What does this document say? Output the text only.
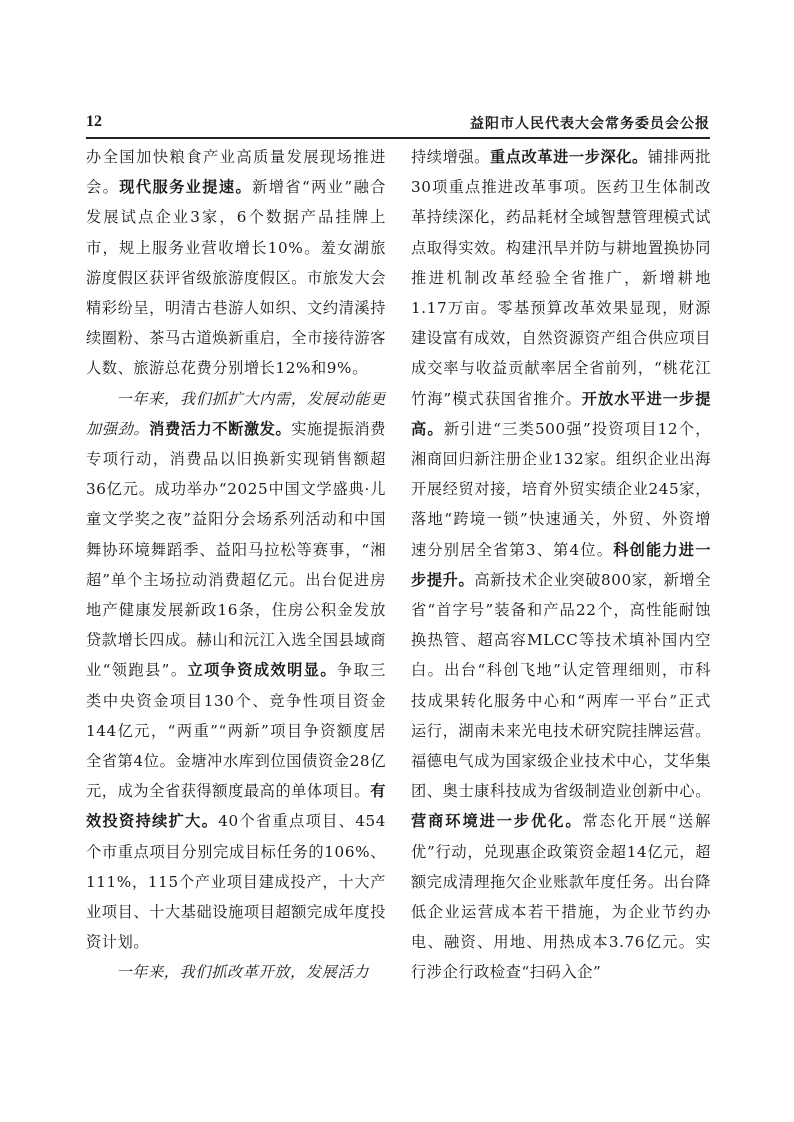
12	益阳市人民代表大会常务委员会公报

办全国加快粮食产业高质量发展现场推进会。现代服务业提速。新增省“两业”融合发展试点企业3家，6个数据产品挂牌上市，规上服务业营收增长10%。羞女湖旅游度假区获评省级旅游度假区。市旅发大会精彩纷呈，明清古巷游人如织、文约清溪持续圈粉、茶马古道焕新重启，全市接待游客人数、旅游总花费分别增长12%和9%。

一年来，我们抓扩大内需，发展动能更加强劲。消费活力不断激发。实施提振消费专项行动，消费品以旧换新实现销售额超36亿元。成功举办“2025中国文学盛典·儿童文学奖之夜”益阳分会场系列活动和中国舞协环境舞蹈季、益阳马拉松等赛事，“湘超”单个主场拉动消费超亿元。出台促进房地产健康发展新政16条，住房公积金发放贷款增长四成。赫山和沅江入选全国县域商业“领跑县”。立项争资成效明显。争取三类中央资金项目130个、竞争性项目资金144亿元，“两重”“两新”项目争资额度居全省第4位。金塘冲水库到位国债资金28亿元，成为全省获得额度最高的单体项目。有效投资持续扩大。40个省重点项目、454个市重点项目分别完成目标任务的106%、111%，115个产业项目建成投产，十大产业项目、十大基础设施项目超额完成年度投资计划。

一年来，我们抓改革开放，发展活力

持续增强。重点改革进一步深化。铺排两批30项重点推进改革事项。医药卫生体制改革持续深化，药品耗材全域智慧管理模式试点取得实效。构建汛旱并防与耕地置换协同推进机制改革经验全省推广，新增耕地1.17万亩。零基预算改革效果显现，财源建设富有成效，自然资源资产组合供应项目成交率与收益贡献率居全省前列，“桃花江竹海”模式获国省推介。开放水平进一步提高。新引进“三类500强”投资项目12个，湘商回归新注册企业132家。组织企业出海开展经贸对接，培育外贸实绩企业245家，落地“跨境一锁”快速通关，外贸、外资增速分别居全省第3、第4位。科创能力进一步提升。高新技术企业突破800家，新增全省“首字号”装备和产品22个，高性能耐蚀换热管、超高容MLCC等技术填补国内空白。出台“科创飞地”认定管理细则，市科技成果转化服务中心和“两库一平台”正式运行，湖南未来光电技术研究院挂牌运营。福德电气成为国家级企业技术中心，艾华集团、奥士康科技成为省级制造业创新中心。营商环境进一步优化。常态化开展“送解优”行动，兑现惠企政策资金超14亿元，超额完成清理拖欠企业账款年度任务。出台降低企业运营成本若干措施，为企业节约办电、融资、用地、用热成本3.76亿元。实行涉企行政检查“扫码入企”
